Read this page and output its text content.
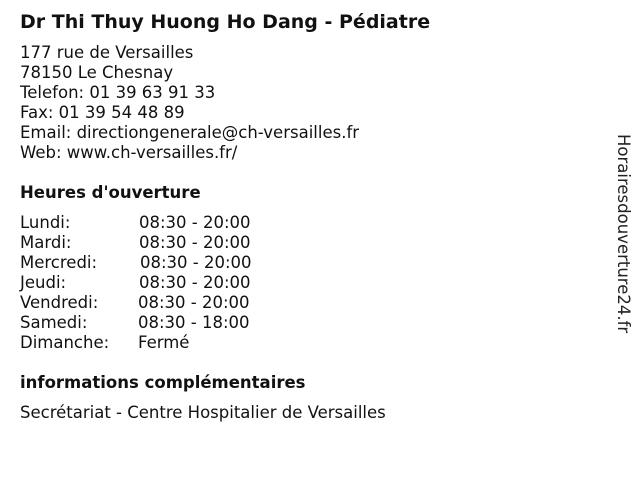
Dr Thi Thuy Huong Ho Dang - Pédiatre
177 rue de Versailles
78150 Le Chesnay
Telefon: 01 39 63 91 33
Fax: 01 39 54 48 89
Email: directiongenerale@ch-versailles.fr
Web: www.ch-versailles.fr/
Heures d'ouverture
Lundi:	08:30 - 20:00
Mardi:	08:30 - 20:00
Mercredi:	08:30 - 20:00
Jeudi:	08:30 - 20:00
Vendredi: 08:30 - 20:00
Samedi:	08:30 - 18:00
Dimanche: Fermé
informations complémentaires
Secrétariat - Centre Hospitalier de Versailles
Horairesdouverture24.fr
